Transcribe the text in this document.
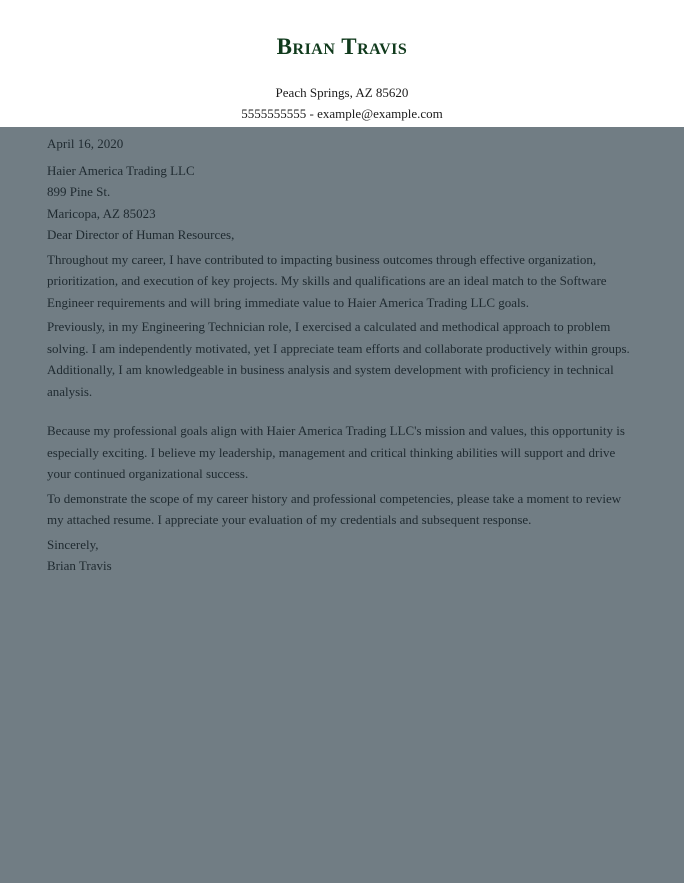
Brian Travis
Peach Springs, AZ 85620
5555555555 - example@example.com

April 16, 2020

Haier America Trading LLC

899 Pine St.

Maricopa, AZ 85023

Dear Director of Human Resources,

Throughout my career, I have contributed to impacting business outcomes through effective organization, prioritization, and execution of key projects. My skills and qualifications are an ideal match to the Software Engineer requirements and will bring immediate value to Haier America Trading LLC goals.

Previously, in my Engineering Technician role, I exercised a calculated and methodical approach to problem solving. I am independently motivated, yet I appreciate team efforts and collaborate productively within groups. Additionally, I am knowledgeable in business analysis and system development with proficiency in technical analysis.

Because my professional goals align with Haier America Trading LLC's mission and values, this opportunity is especially exciting. I believe my leadership, management and critical thinking abilities will support and drive your continued organizational success.

To demonstrate the scope of my career history and professional competencies, please take a moment to review my attached resume. I appreciate your evaluation of my credentials and subsequent response.

Sincerely,

Brian Travis
